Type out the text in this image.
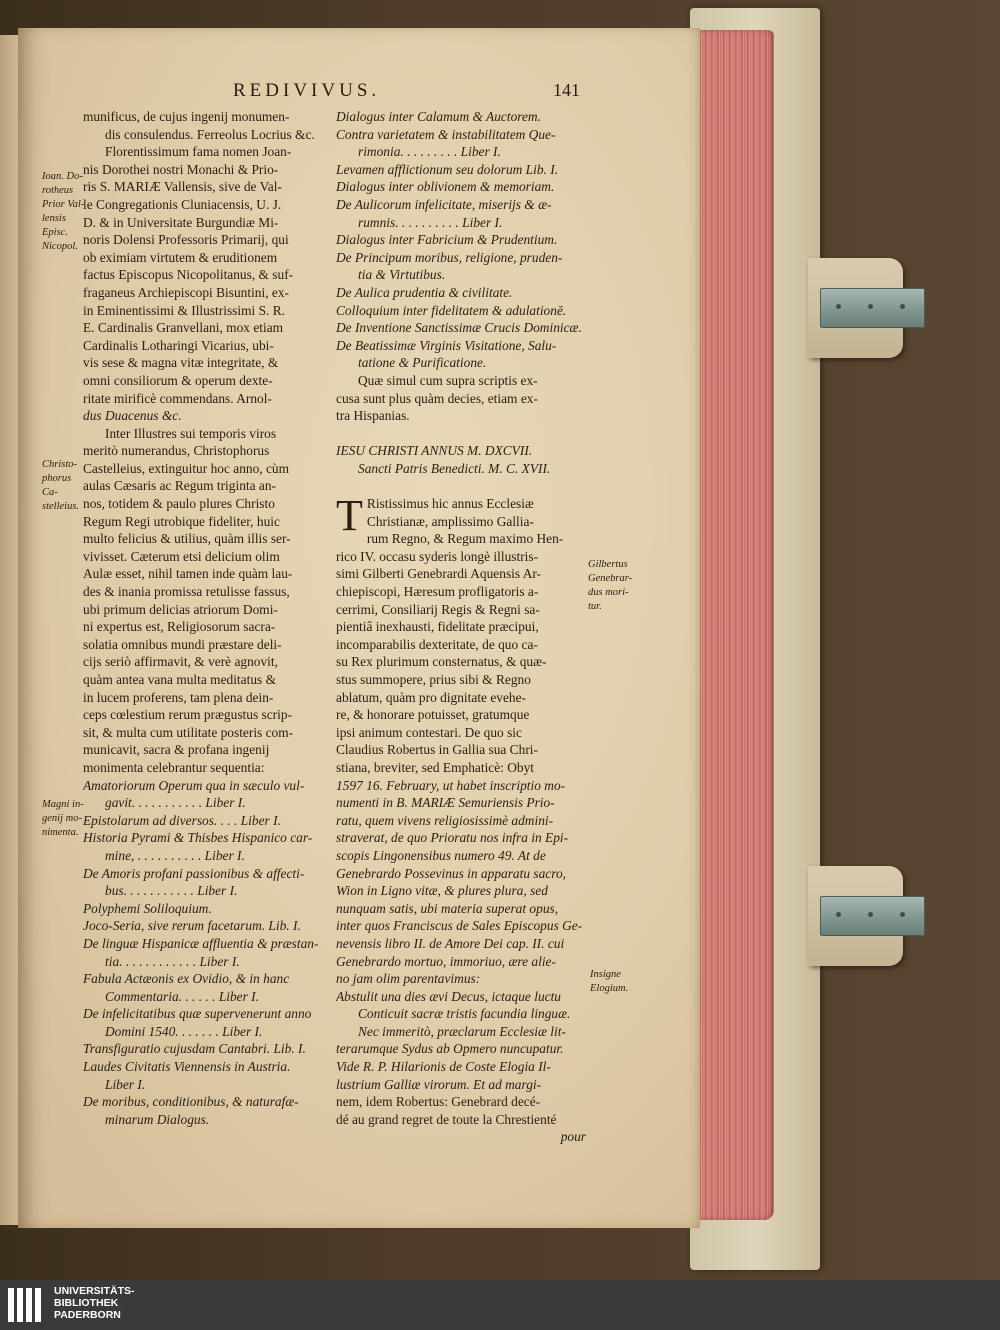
REDIVIVUS.	141
Ioan. Do-
rotheus
Prior Val-
lensis Episc.
Nicopol.
Christo-
phorus Ca-
stelleius.
Magni in-
genij mo-
nimenta.
Gilbertus
Genebrar-
dus mori-
tur.
Insigne
Elogium.
munificus, de cujus ingenij monumen-
dis consulendus. Ferreolus Locrius &c.
Florentissimum fama nomen Joan-
nis Dorothei nostri Monachi & Prio-
ris S. MARIÆ Vallensis, sive de Val-
le Congregationis Cluniacensis, U. J.
D. & in Universitate Burgundiæ Mi-
noris Dolensi Professoris Primarij, qui
ob eximiam virtutem & eruditionem
factus Episcopus Nicopolitanus, & suf-
fraganeus Archiepiscopi Bisuntini, ex-
in Eminentissimi & Illustrissimi S. R.
E. Cardinalis Granvellani, mox etiam
Cardinalis Lotharingi Vicarius, ubi-
vis sese & magna vitæ integritate, &
omni consiliorum & operum dexte-
ritate mirificè commendans. Arnol-
dus Duacenus &c.
Inter Illustres sui temporis viros
meritò numerandus, Christophorus
Castelleius, extinguitur hoc anno, cùm
aulas Cæsaris ac Regum triginta an-
nos, totidem & paulo plures Christo
Regum Regi utrobique fideliter, huic
multo felicius & utilius, quàm illis ser-
vivisset. Cæterum etsi delicium olim
Aulæ esset, nihil tamen inde quàm lau-
des & inania promissa retulisse fassus,
ubi primum delicias atriorum Domi-
ni expertus est, Religiosorum sacra-
solatia omnibus mundi præstare deli-
cijs seriò affirmavit, & verè agnovit,
quàm antea vana multa meditatus &
in lucem proferens, tam plena dein-
ceps cœlestium rerum prægustus scrip-
sit, & multa cum utilitate posteris com-
municavit, sacra & profana ingenij
monimenta celebrantur sequentia:
Amatoriorum Operum qua in sæculo vul-
gavit. . . . . . . . . . . Liber I.
Epistolarum ad diversos. . . . Liber I.
Historia Pyrami & Thisbes Hispanico car-
mine, . . . . . . . . . . Liber I.
De Amoris profani passionibus & affecti-
bus. . . . . . . . . . . Liber I.
Polyphemi Soliloquium.
Joco-Seria, sive rerum facetarum. Lib. I.
De linguæ Hispanicæ affluentia & præstan-
tia. . . . . . . . . . . . Liber I.
Fabula Actæonis ex Ovidio, & in hanc
Commentaria. . . . . . Liber I.
De infelicitatibus quæ supervenerunt anno
Domini 1540. . . . . . . Liber I.
Transfiguratio cujusdam Cantabri. Lib. I.
Laudes Civitatis Viennensis in Austria.
Liber I.
De moribus, conditionibus, & naturafæ-
minarum Dialogus.
Dialogus inter Calamum & Auctorem.
Contra varietatem & instabilitatem Que-
rimonia. . . . . . . . . Liber I.
Levamen afflictionum seu dolorum Lib. I.
Dialogus inter oblivionem & memoriam.
De Aulicorum infelicitate, miserijs & æ-
rumnis. . . . . . . . . . Liber I.
Dialogus inter Fabricium & Prudentium.
De Principum moribus, religione, pruden-
tia & Virtutibus.
De Aulica prudentia & civilitate.
Colloquium inter fidelitatem & adulationē.
De Inventione Sanctissimæ Crucis Dominicæ.
De Beatissimæ Virginis Visitatione, Salu-
tatione & Purificatione.
Quæ simul cum supra scriptis ex-
cusa sunt plus quàm decies, etiam ex-
tra Hispanias.
IESU CHRISTI ANNUS M. DXCVII.
Sancti Patris Benedicti. M. C. XVII.
T Ristissimus hic annus Ecclesiæ
Christianæ, amplissimo Gallia-
rum Regno, & Regum maximo Hen-
rico IV. occasu syderis longè illustris-
simi Gilberti Genebrardi Aquensis Ar-
chiepiscopi, Hæresum profligatoris a-
cerrimi, Consiliarij Regis & Regni sa-
pientiâ inexhausti, fidelitate præcipui,
incomparabilis dexteritate, de quo ca-
su Rex plurimum consternatus, & quæ-
stus summopere, prius sibi & Regno
ablatum, quàm pro dignitate evehe-
re, & honorare potuisset, gratumque
ipsi animum contestari. De quo sic
Claudius Robertus in Gallia sua Chri-
stiana, breviter, sed Emphaticè: Obyt
1597 16. February, ut habet inscriptio mo-
numenti in B. MARIÆ Semuriensis Prio-
ratu, quem vivens religiosissimè admini-
straverat, de quo Prioratu nos infra in Epi-
scopis Lingonensibus numero 49. At de
Genebrardo Possevinus in apparatu sacro,
Wion in Ligno vitæ, & plures plura, sed
nunquam satis, ubi materia superat opus,
inter quos Franciscus de Sales Episcopus Ge-
nevensis libro II. de Amore Dei cap. II. cui
Genebrardo mortuo, immoriuo, ære alie-
no jam olim parentavimus:
Abstulit una dies ævi Decus, ictaque luctu
Conticuit sacræ tristis facundia linguæ.
Nec immeritò, præclarum Ecclesiæ lit-
terarumque Sydus ab Opmero nuncupatur.
Vide R. P. Hilarionis de Coste Elogia Il-
lustrium Galliæ virorum. Et ad margi-
nem, idem Robertus: Genebrard decé-
dé au grand regret de toute la Chrestienté
pour
UNIVERSITÄTS-
BIBLIOTHEK
PADERBORN
